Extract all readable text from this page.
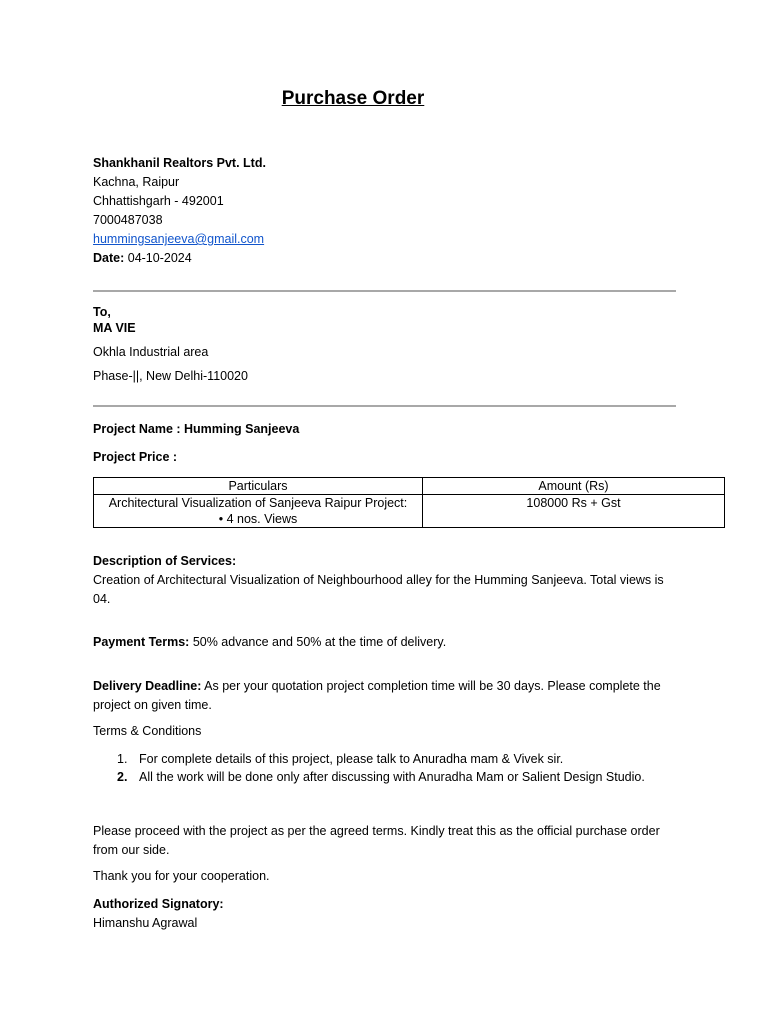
Purchase Order
Shankhanil Realtors Pvt. Ltd.
Kachna, Raipur
Chhattishgarh - 492001
7000487038
hummingsanjeeva@gmail.com
Date: 04-10-2024
To,
MA VIE
Okhla Industrial area
Phase-||, New Delhi-110020
Project Name : Humming Sanjeeva
Project Price :
Particulars	Amount (Rs)

Architectural Visualization of Sanjeeva Raipur Project:
• 4 nos. Views	108000 Rs + Gst
Description of Services:
Creation of Architectural Visualization of Neighbourhood alley for the Humming Sanjeeva. Total views is 04.
Payment Terms: 50% advance and 50% at the time of delivery.
Delivery Deadline: As per your quotation project completion time will be 30 days. Please complete the project on given time.
Terms & Conditions
1. For complete details of this project, please talk to Anuradha mam & Vivek sir.
2. All the work will be done only after discussing with Anuradha Mam or Salient Design Studio.
Please proceed with the project as per the agreed terms. Kindly treat this as the official purchase order from our side.
Thank you for your cooperation.
Authorized Signatory:
Himanshu Agrawal
